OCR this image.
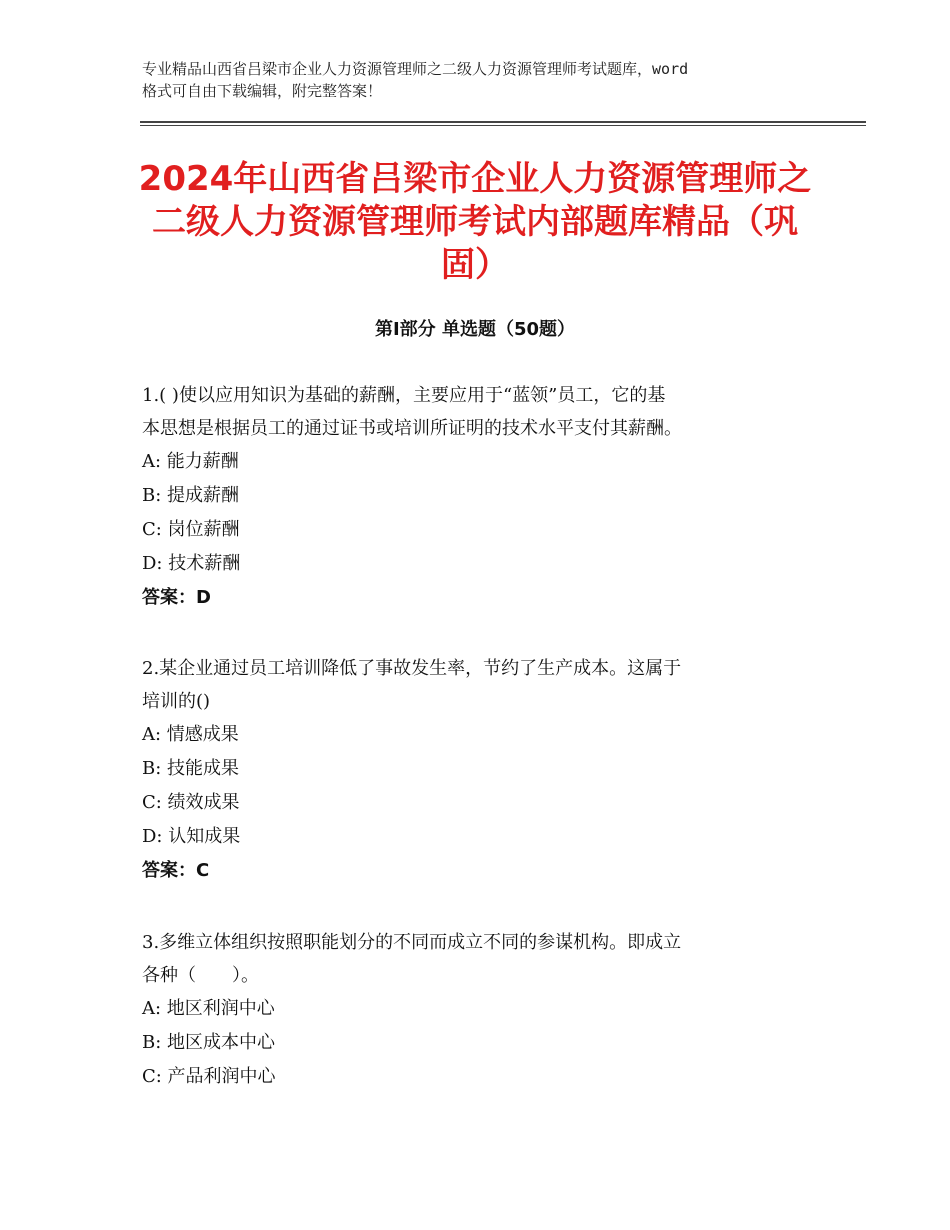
专业精品山西省吕梁市企业人力资源管理师之二级人力资源管理师考试题库，word
格式可自由下载编辑，附完整答案！
2024年山西省吕梁市企业人力资源管理师之
二级人力资源管理师考试内部题库精品（巩
固）
第Ⅰ部分 单选题（50题）
1.( )使以应用知识为基础的薪酬，主要应用于“蓝领”员工，它的基
本思想是根据员工的通过证书或培训所证明的技术水平支付其薪酬。
A: 能力薪酬
B: 提成薪酬
C: 岗位薪酬
D: 技术薪酬
答案：D
2.某企业通过员工培训降低了事故发生率，节约了生产成本。这属于
培训的()
A: 情感成果
B: 技能成果
C: 绩效成果
D: 认知成果
答案：C
3.多维立体组织按照职能划分的不同而成立不同的参谋机构。即成立
各种（　　）。
A: 地区利润中心
B: 地区成本中心
C: 产品利润中心
